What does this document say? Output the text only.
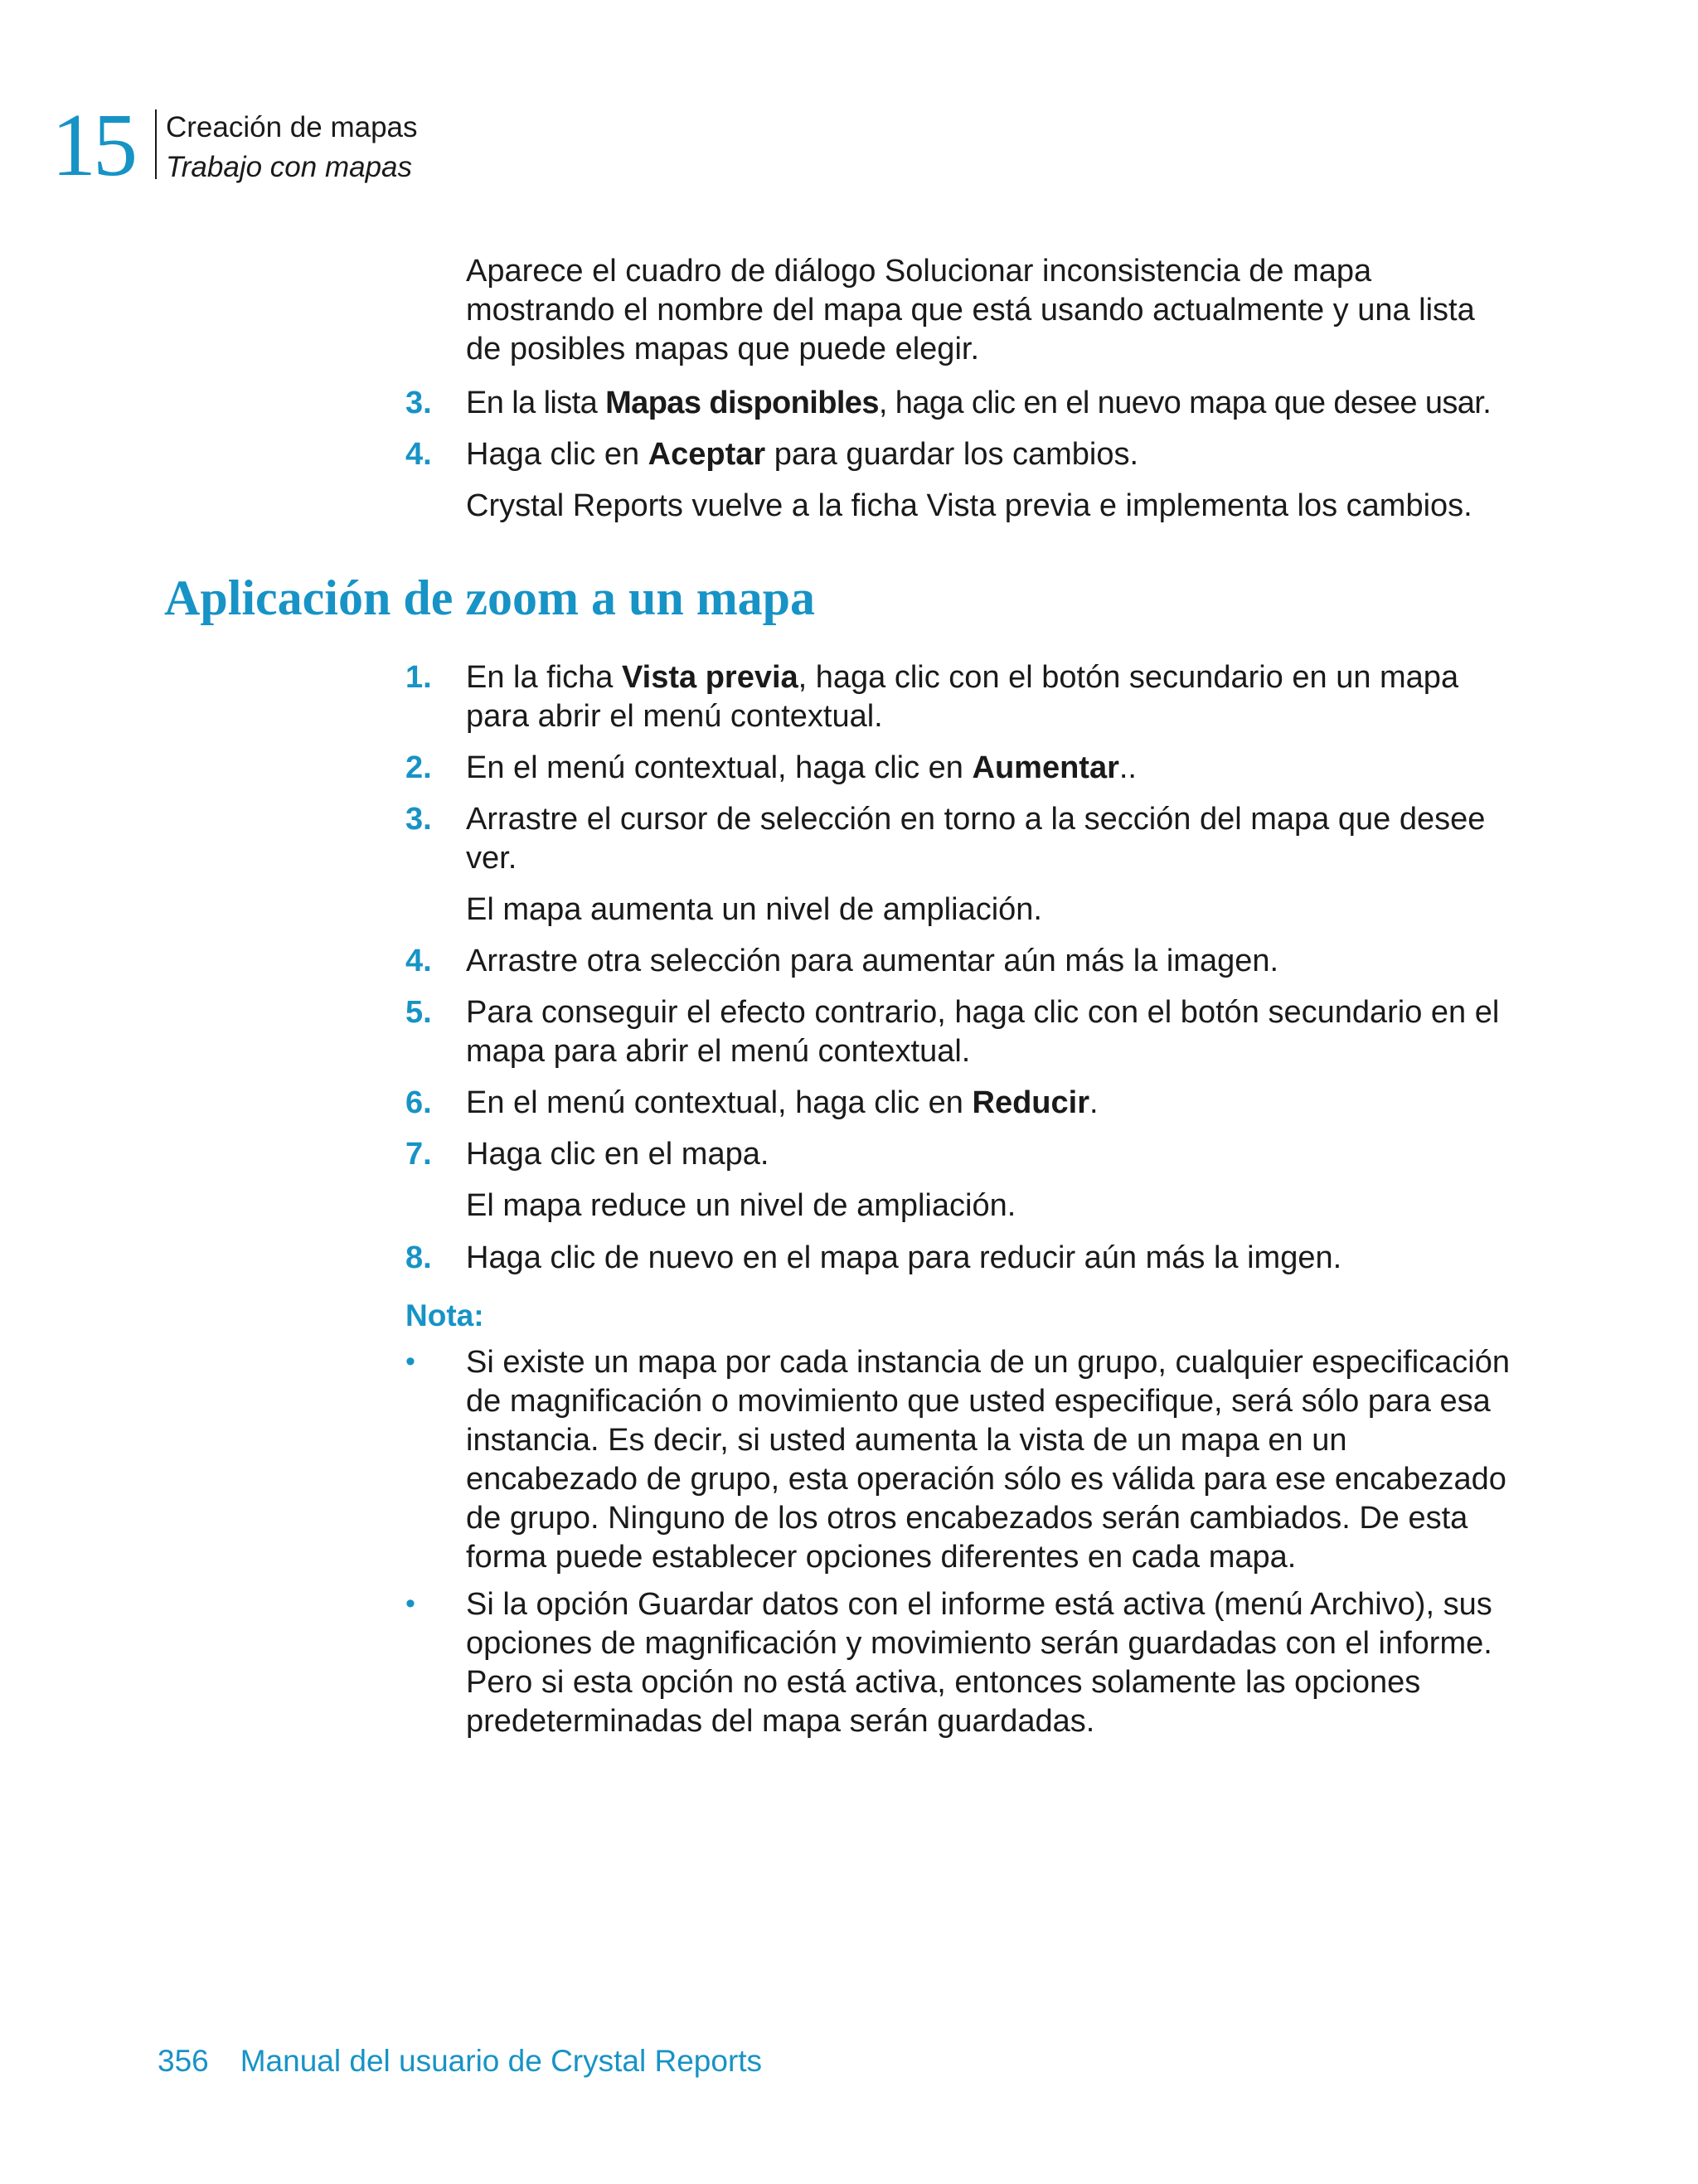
15 Creación de mapas
Trabajo con mapas

Aparece el cuadro de diálogo Solucionar inconsistencia de mapa mostrando el nombre del mapa que está usando actualmente y una lista de posibles mapas que puede elegir.

3. En la lista Mapas disponibles, haga clic en el nuevo mapa que desee usar.

4. Haga clic en Aceptar para guardar los cambios.

Crystal Reports vuelve a la ficha Vista previa e implementa los cambios.

Aplicación de zoom a un mapa
1. En la ficha Vista previa, haga clic con el botón secundario en un mapa para abrir el menú contextual.

2. En el menú contextual, haga clic en Aumentar..

3. Arrastre el cursor de selección en torno a la sección del mapa que desee ver.

El mapa aumenta un nivel de ampliación.

4. Arrastre otra selección para aumentar aún más la imagen.

5. Para conseguir el efecto contrario, haga clic con el botón secundario en el mapa para abrir el menú contextual.

6. En el menú contextual, haga clic en Reducir.

7. Haga clic en el mapa.

El mapa reduce un nivel de ampliación.

8. Haga clic de nuevo en el mapa para reducir aún más la imgen.

Nota:
• Si existe un mapa por cada instancia de un grupo, cualquier especificación de magnificación o movimiento que usted especifique, será sólo para esa instancia. Es decir, si usted aumenta la vista de un mapa en un encabezado de grupo, esta operación sólo es válida para ese encabezado de grupo. Ninguno de los otros encabezados serán cambiados. De esta forma puede establecer opciones diferentes en cada mapa.

• Si la opción Guardar datos con el informe está activa (menú Archivo), sus opciones de magnificación y movimiento serán guardadas con el informe. Pero si esta opción no está activa, entonces solamente las opciones predeterminadas del mapa serán guardadas.

356 Manual del usuario de Crystal Reports
